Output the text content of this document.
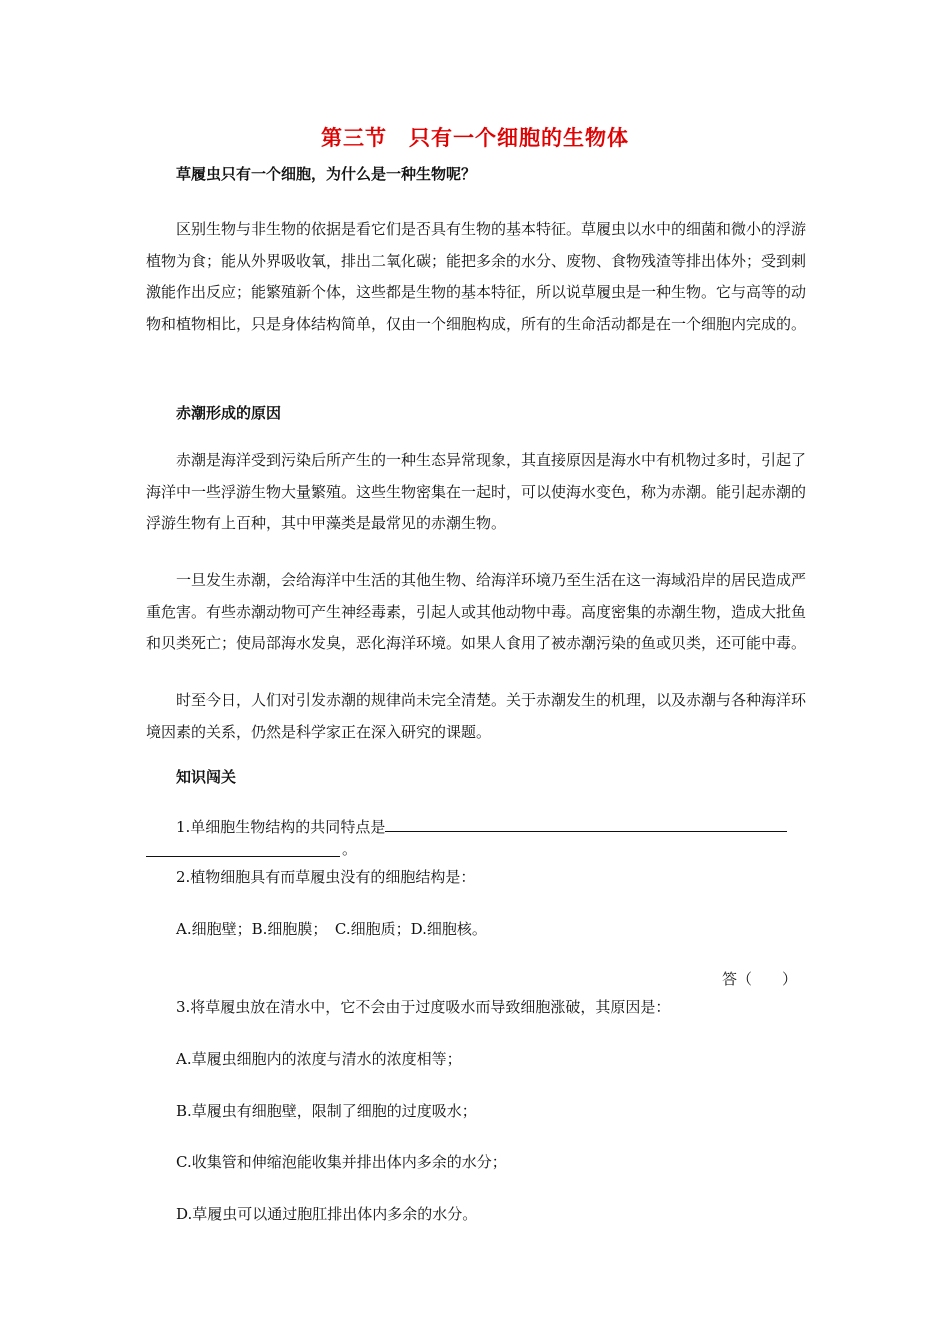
第三节　只有一个细胞的生物体
草履虫只有一个细胞，为什么是一种生物呢？

区别生物与非生物的依据是看它们是否具有生物的基本特征。草履虫以水中的细菌和微小的浮游植物为食；能从外界吸收氧，排出二氧化碳；能把多余的水分、废物、食物残渣等排出体外；受到刺激能作出反应；能繁殖新个体，这些都是生物的基本特征，所以说草履虫是一种生物。它与高等的动物和植物相比，只是身体结构简单，仅由一个细胞构成，所有的生命活动都是在一个细胞内完成的。

赤潮形成的原因

赤潮是海洋受到污染后所产生的一种生态异常现象，其直接原因是海水中有机物过多时，引起了海洋中一些浮游生物大量繁殖。这些生物密集在一起时，可以使海水变色，称为赤潮。能引起赤潮的浮游生物有上百种，其中甲藻类是最常见的赤潮生物。

一旦发生赤潮，会给海洋中生活的其他生物、给海洋环境乃至生活在这一海域沿岸的居民造成严重危害。有些赤潮动物可产生神经毒素，引起人或其他动物中毒。高度密集的赤潮生物，造成大批鱼和贝类死亡；使局部海水发臭，恶化海洋环境。如果人食用了被赤潮污染的鱼或贝类，还可能中毒。

时至今日，人们对引发赤潮的规律尚未完全清楚。关于赤潮发生的机理，以及赤潮与各种海洋环境因素的关系，仍然是科学家正在深入研究的课题。

知识闯关
1.单细胞生物结构的共同特点是
。
2.植物细胞具有而草履虫没有的细胞结构是：
A.细胞壁；B.细胞膜；　C.细胞质；D.细胞核。
答（　　）
3.将草履虫放在清水中，它不会由于过度吸水而导致细胞涨破，其原因是：
A.草履虫细胞内的浓度与清水的浓度相等；
B.草履虫有细胞壁，限制了细胞的过度吸水；
C.收集管和伸缩泡能收集并排出体内多余的水分；
D.草履虫可以通过胞肛排出体内多余的水分。
